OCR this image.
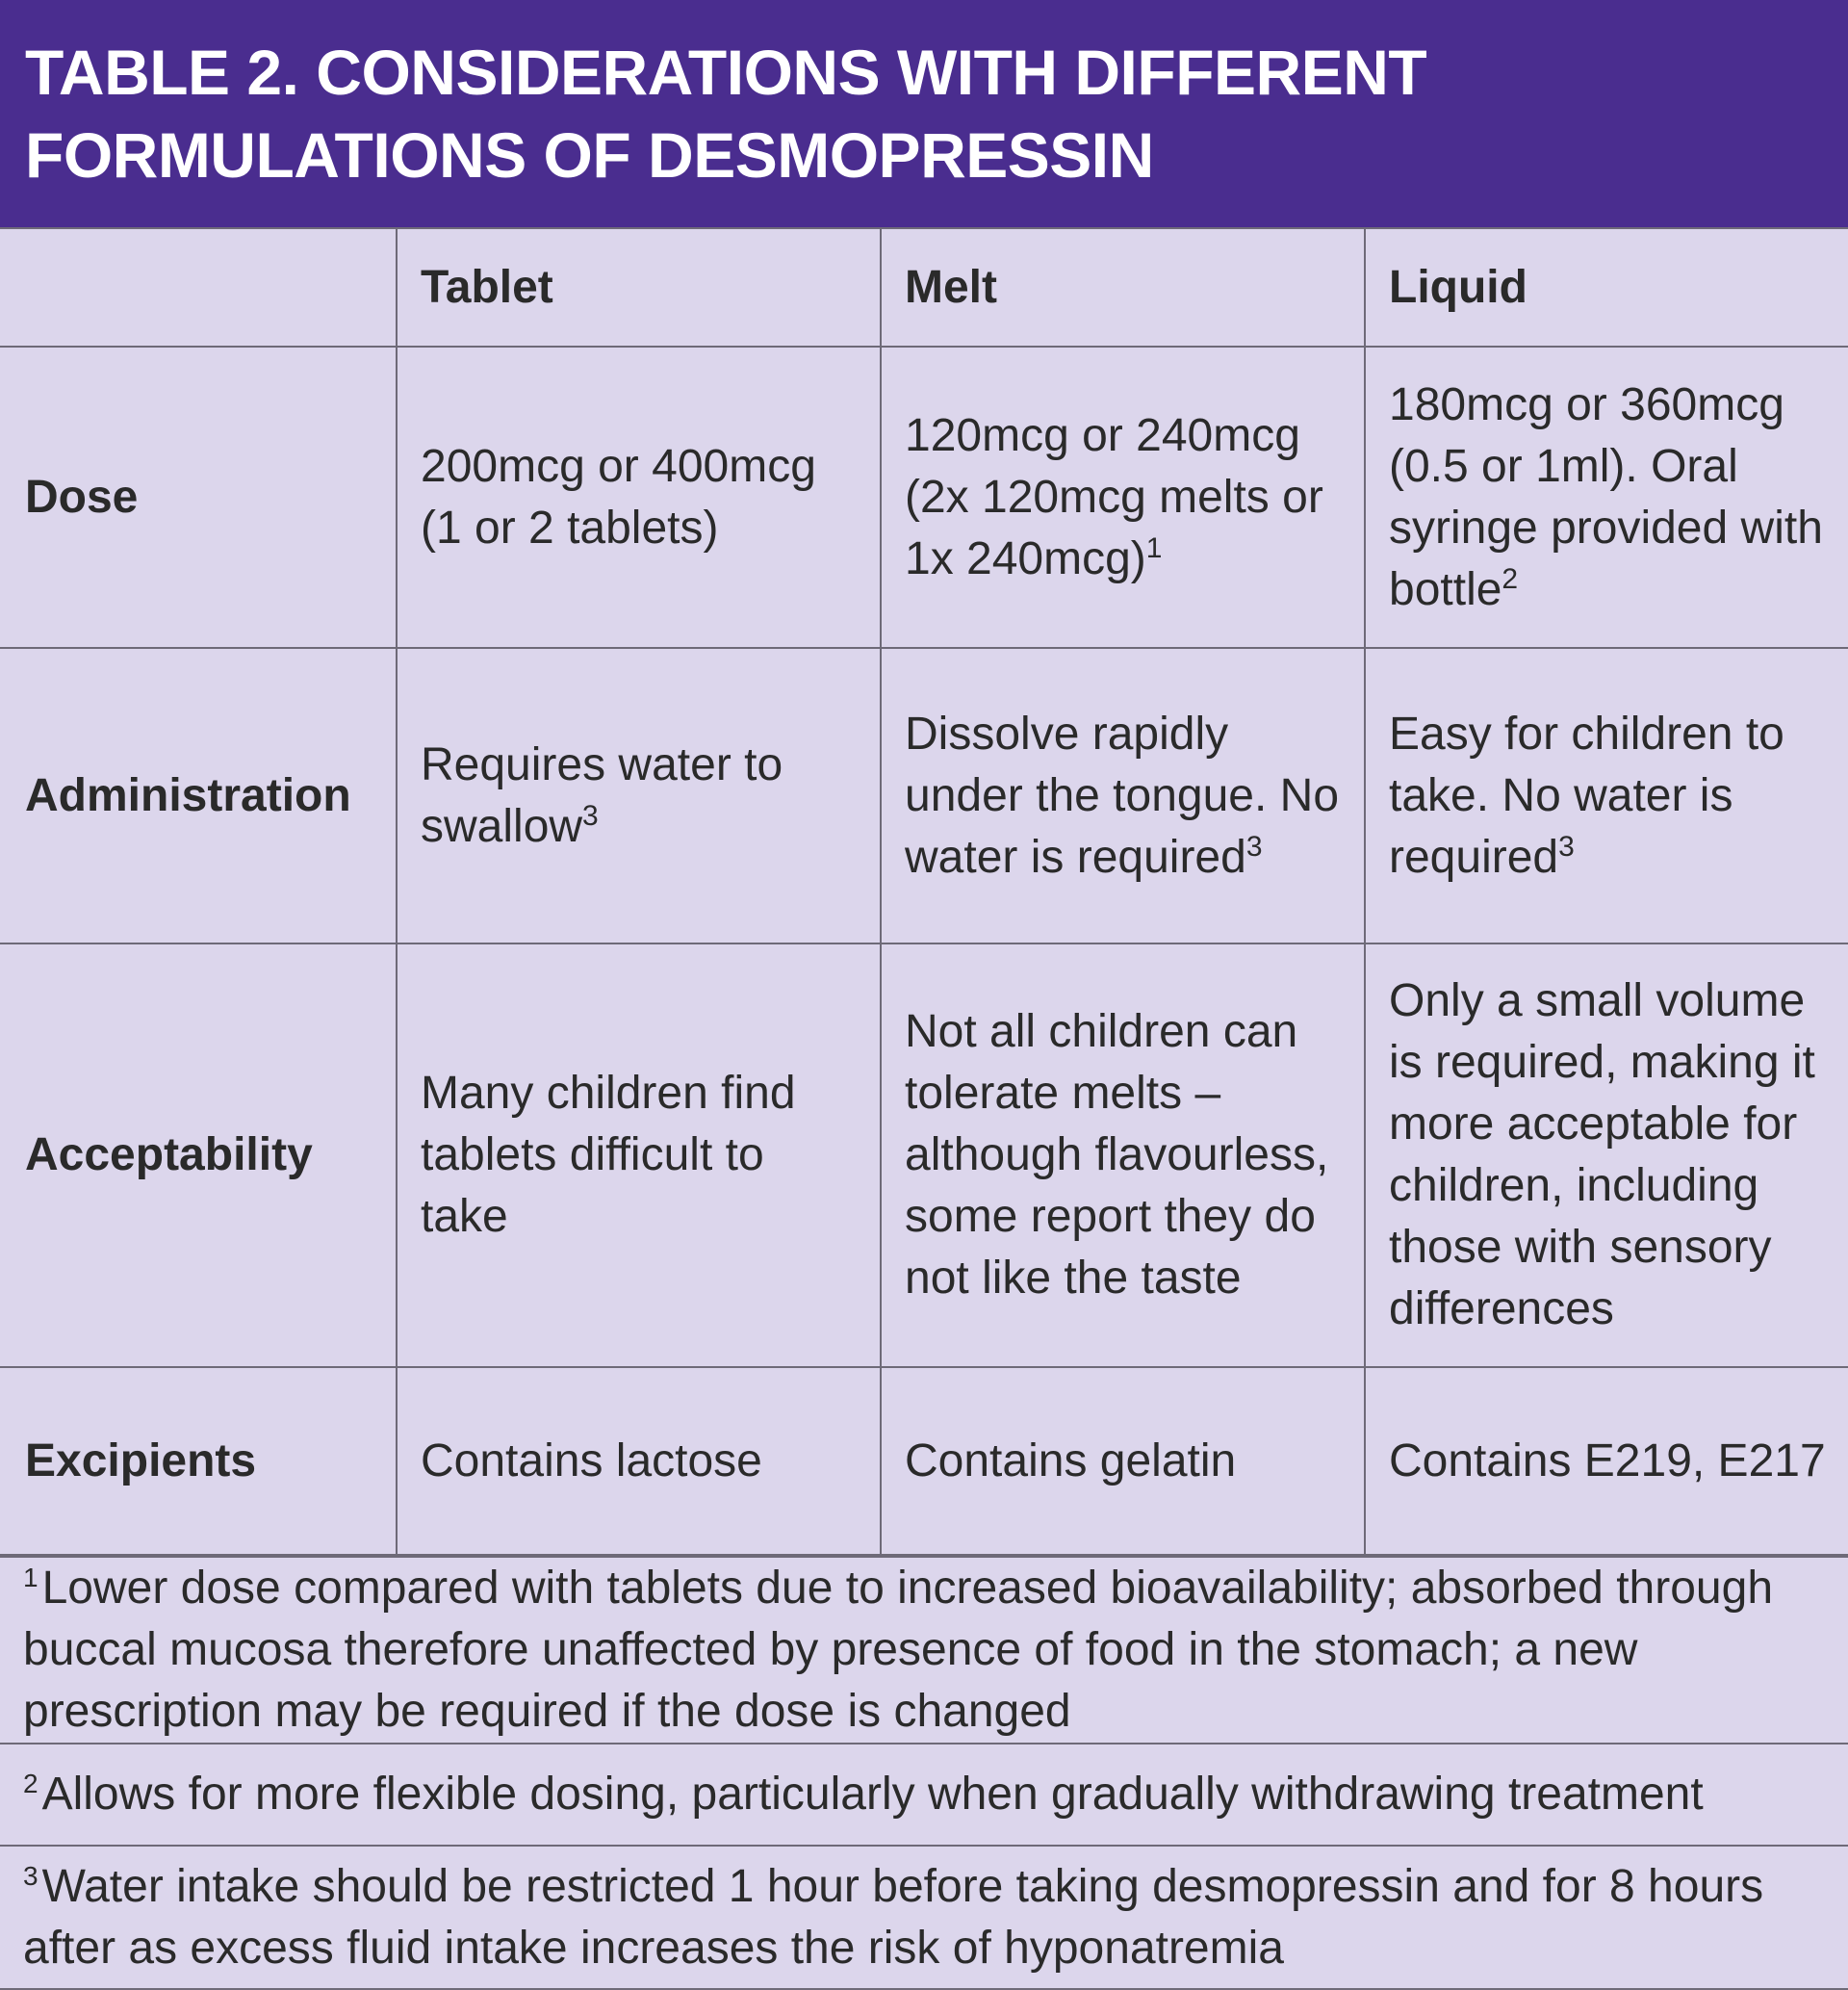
TABLE 2. CONSIDERATIONS WITH DIFFERENT
FORMULATIONS OF DESMOPRESSIN
	Tablet	Melt	Liquid
Dose	200mcg or 400mcg (1 or 2 tablets)	120mcg or 240mcg (2x 120mcg melts or 1x 240mcg)$^1$	180mcg or 360mcg (0.5 or 1ml). Oral syringe provided with bottle$^2$
Administration	Requires water to swallow$^3$	Dissolve rapidly under the tongue. No water is required$^3$	Easy for children to take. No water is required$^3$
Acceptability	Many children find tablets difficult to take	Not all children can tolerate melts – although flavourless, some report they do not like the taste	Only a small volume is required, making it more acceptable for children, including those with sensory differences
Excipients	Contains lactose	Contains gelatin	Contains E219, E217
$^1$Lower dose compared with tablets due to increased bioavailability; absorbed through buccal mucosa therefore unaffected by presence of food in the stomach; a new prescription may be required if the dose is changed
$^2$Allows for more flexible dosing, particularly when gradually withdrawing treatment
$^3$Water intake should be restricted 1 hour before taking desmopressin and for 8 hours after as excess fluid intake increases the risk of hyponatremia
